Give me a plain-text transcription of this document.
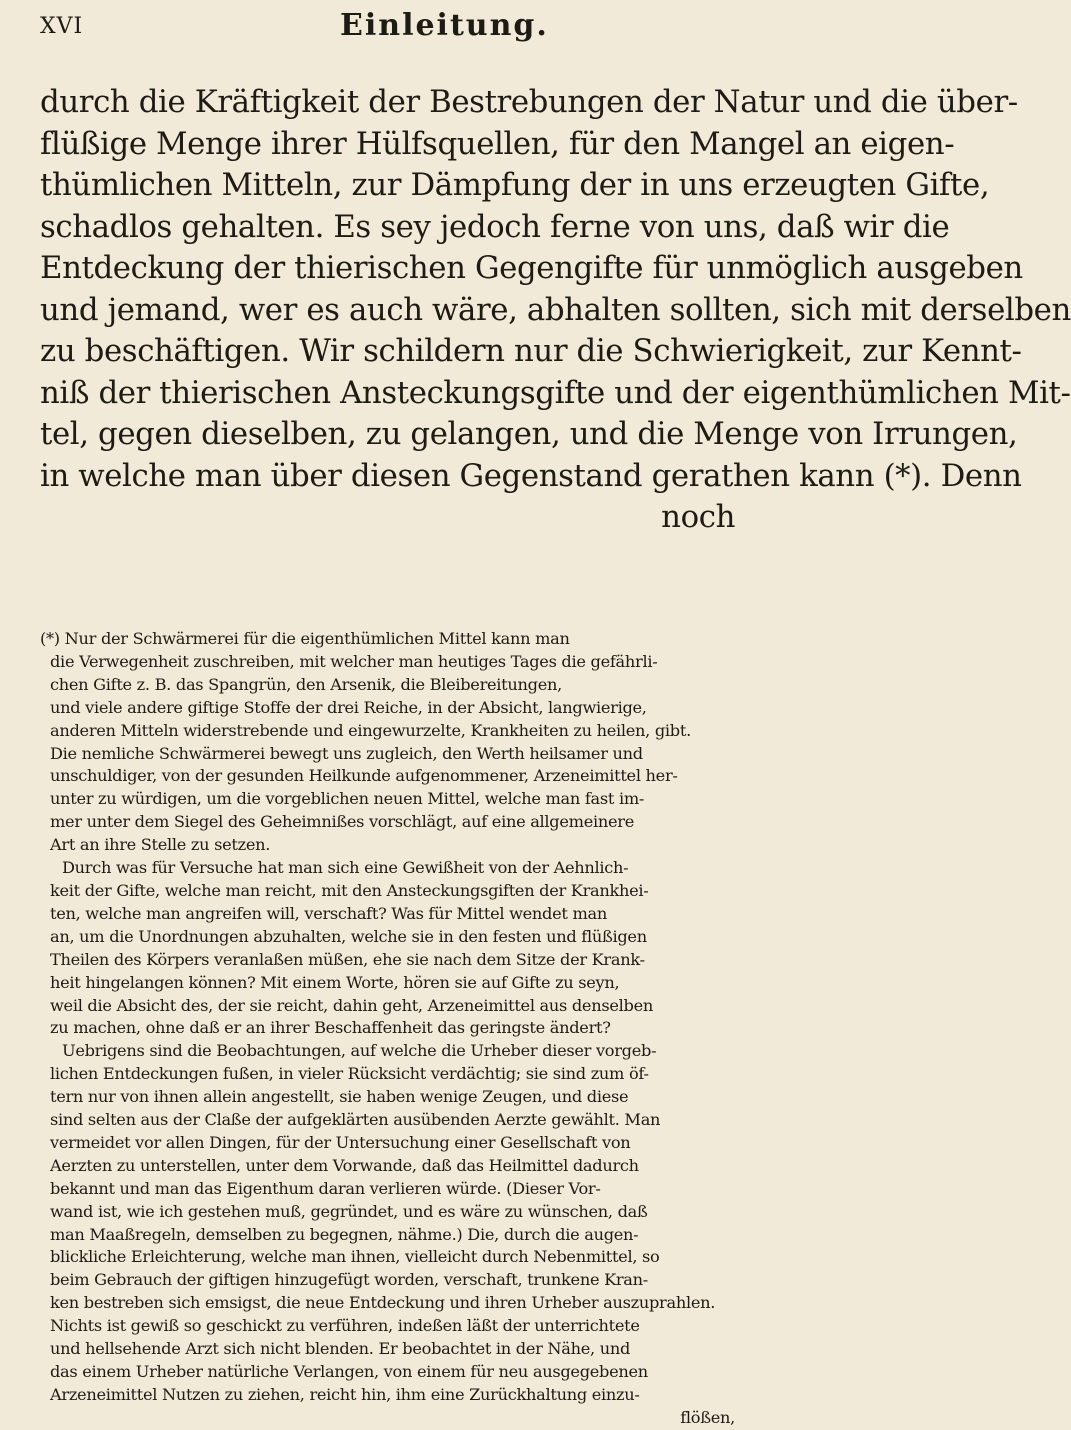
XVI	Einleitung.
durch die Kräftigkeit der Bestrebungen der Natur und die über-
flüßige Menge ihrer Hülfsquellen, für den Mangel an eigen-
thümlichen Mitteln, zur Dämpfung der in uns erzeugten Gifte,
schadlos gehalten. Es sey jedoch ferne von uns, daß wir die
Entdeckung der thierischen Gegengifte für unmöglich ausgeben
und jemand, wer es auch wäre, abhalten sollten, sich mit derselben
zu beschäftigen. Wir schildern nur die Schwierigkeit, zur Kennt-
niß der thierischen Ansteckungsgifte und der eigenthümlichen Mit-
tel, gegen dieselben, zu gelangen, und die Menge von Irrungen,
in welche man über diesen Gegenstand gerathen kann (*). Denn
noch
(*) Nur der Schwärmerei für die eigenthümlichen Mittel kann man
die Verwegenheit zuschreiben, mit welcher man heutiges Tages die gefährli-
chen Gifte z. B. das Spangrün, den Arsenik, die Bleibereitungen,
und viele andere giftige Stoffe der drei Reiche, in der Absicht, langwierige,
anderen Mitteln widerstrebende und eingewurzelte, Krankheiten zu heilen, gibt.
Die nemliche Schwärmerei bewegt uns zugleich, den Werth heilsamer und
unschuldiger, von der gesunden Heilkunde aufgenommener, Arzeneimittel her-
unter zu würdigen, um die vorgeblichen neuen Mittel, welche man fast im-
mer unter dem Siegel des Geheimnißes vorschlägt, auf eine allgemeinere
Art an ihre Stelle zu setzen.
Durch was für Versuche hat man sich eine Gewißheit von der Aehnlich-
keit der Gifte, welche man reicht, mit den Ansteckungsgiften der Krankhei-
ten, welche man angreifen will, verschaft? Was für Mittel wendet man
an, um die Unordnungen abzuhalten, welche sie in den festen und flüßigen
Theilen des Körpers veranlaßen müßen, ehe sie nach dem Sitze der Krank-
heit hingelangen können? Mit einem Worte, hören sie auf Gifte zu seyn,
weil die Absicht des, der sie reicht, dahin geht, Arzeneimittel aus denselben
zu machen, ohne daß er an ihrer Beschaffenheit das geringste ändert?
Uebrigens sind die Beobachtungen, auf welche die Urheber dieser vorgeb-
lichen Entdeckungen fußen, in vieler Rücksicht verdächtig; sie sind zum öf-
tern nur von ihnen allein angestellt, sie haben wenige Zeugen, und diese
sind selten aus der Claße der aufgeklärten ausübenden Aerzte gewählt. Man
vermeidet vor allen Dingen, für der Untersuchung einer Gesellschaft von
Aerzten zu unterstellen, unter dem Vorwande, daß das Heilmittel dadurch
bekannt und man das Eigenthum daran verlieren würde. (Dieser Vor-
wand ist, wie ich gestehen muß, gegründet, und es wäre zu wünschen, daß
man Maaßregeln, demselben zu begegnen, nähme.) Die, durch die augen-
blickliche Erleichterung, welche man ihnen, vielleicht durch Nebenmittel, so
beim Gebrauch der giftigen hinzugefügt worden, verschaft, trunkene Kran-
ken bestreben sich emsigst, die neue Entdeckung und ihren Urheber auszuprahlen.
Nichts ist gewiß so geschickt zu verführen, indeßen läßt der unterrichtete
und hellsehende Arzt sich nicht blenden. Er beobachtet in der Nähe, und
das einem Urheber natürliche Verlangen, von einem für neu ausgegebenen
Arzeneimittel Nutzen zu ziehen, reicht hin, ihm eine Zurückhaltung einzu-
flößen,
